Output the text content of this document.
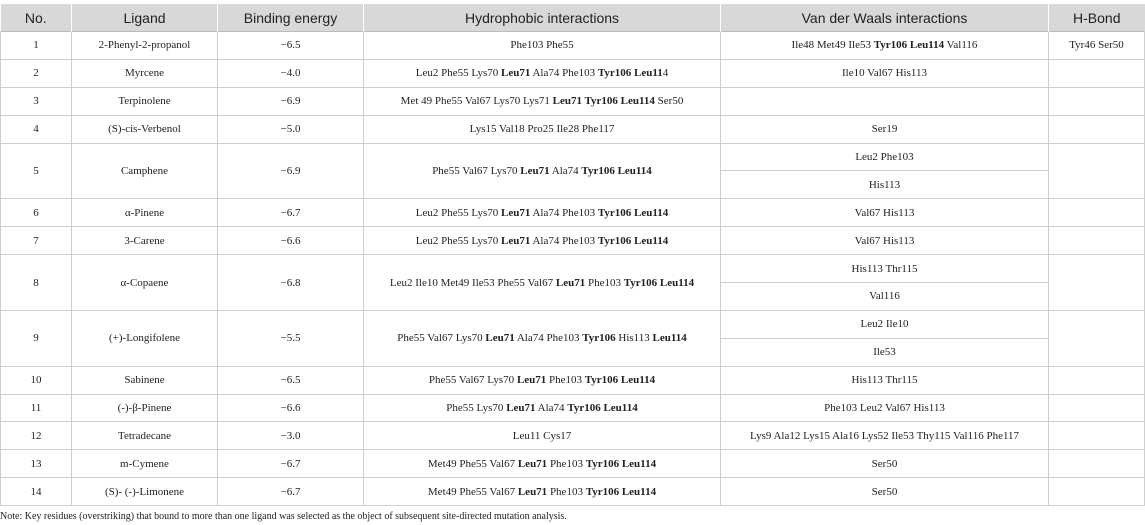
No.	Ligand	Binding energy	Hydrophobic interactions	Van der Waals interactions	H-Bond
1	2-Phenyl-2-propanol	−6.5	Phe103 Phe55	Ile48 Met49 Ile53 Tyr106 Leu114 Val116	Tyr46 Ser50
2	Myrcene	−4.0	Leu2 Phe55 Lys70 Leu71 Ala74 Phe103 Tyr106 Leu114	Ile10 Val67 His113	
3	Terpinolene	−6.9	Met 49 Phe55 Val67 Lys70 Lys71 Leu71 Tyr106 Leu114 Ser50		
4	(S)-cis-Verbenol	−5.0	Lys15 Val18 Pro25 Ile28 Phe117	Ser19	
5	Camphene	−6.9	Phe55 Val67 Lys70 Leu71 Ala74 Tyr106 Leu114	Leu2 Phe103	
				His113	
6	α-Pinene	−6.7	Leu2 Phe55 Lys70 Leu71 Ala74 Phe103 Tyr106 Leu114	Val67 His113	
7	3-Carene	−6.6	Leu2 Phe55 Lys70 Leu71 Ala74 Phe103 Tyr106 Leu114	Val67 His113	
8	α-Copaene	−6.8	Leu2 Ile10 Met49 Ile53 Phe55 Val67 Leu71 Phe103 Tyr106 Leu114	His113 Thr115	
				Val116	
9	(+)-Longifolene	−5.5	Phe55 Val67 Lys70 Leu71 Ala74 Phe103 Tyr106 His113 Leu114	Leu2 Ile10	
				Ile53	
10	Sabinene	−6.5	Phe55 Val67 Lys70 Leu71 Phe103 Tyr106 Leu114	His113 Thr115	
11	(-)-β-Pinene	−6.6	Phe55 Lys70 Leu71 Ala74 Tyr106 Leu114	Phe103 Leu2 Val67 His113	
12	Tetradecane	−3.0	Leu11 Cys17	Lys9 Ala12 Lys15 Ala16 Lys52 Ile53 Thy115 Val116 Phe117	
13	m-Cymene	−6.7	Met49 Phe55 Val67 Leu71 Phe103 Tyr106 Leu114	Ser50	
14	(S)- (-)-Limonene	−6.7	Met49 Phe55 Val67 Leu71 Phe103 Tyr106 Leu114	Ser50	
Note: Key residues (overstriking) that bound to more than one ligand was selected as the object of subsequent site-directed mutation analysis.
